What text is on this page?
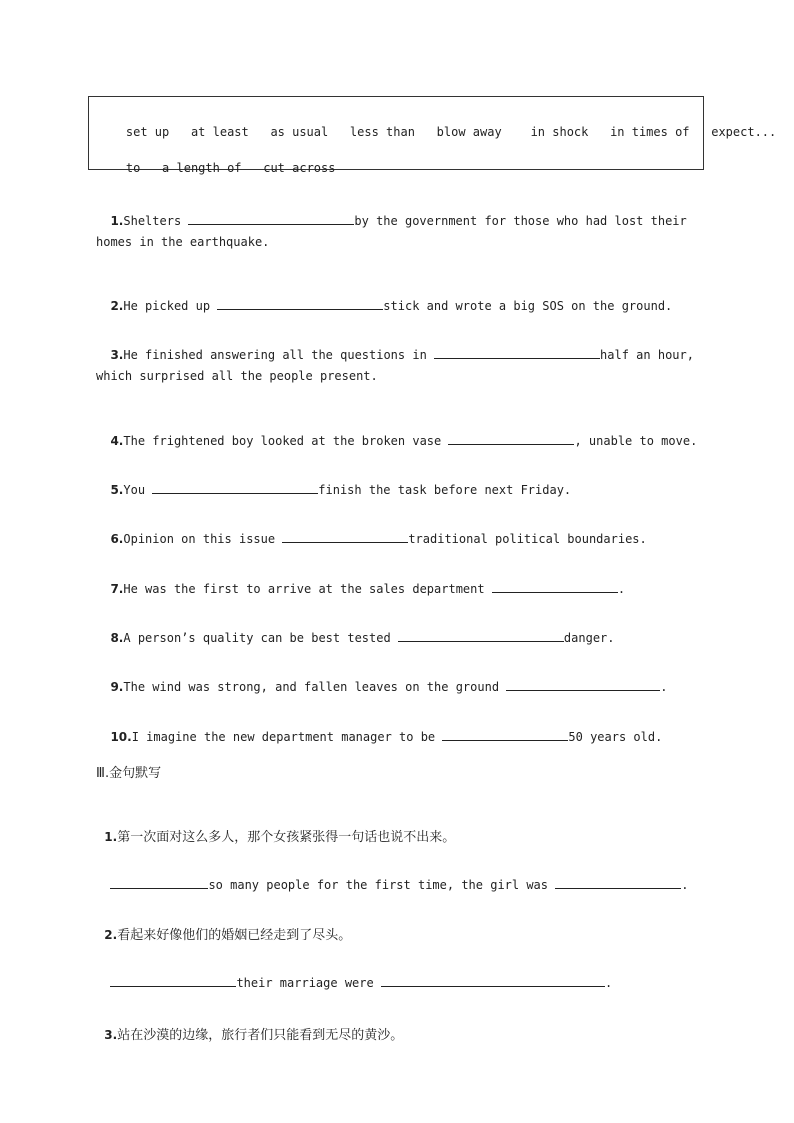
set up at least as usual less than blow away in shock in times of expect...

to a length of cut across

1.Shelters	by the government for those who had lost their

homes in the earthquake.

2.He picked up	stick and wrote a big SOS on the ground.

3.He finished answering all the questions in	half an hour,

which surprised all the people present.

4.The frightened boy looked at the broken vase	, unable to move.

5.You	finish the task before next Friday.

6.Opinion on this issue	traditional political boundaries.

7.He was the first to arrive at the sales department	.

8.A person’s quality can be best tested	danger.

9.The wind was strong, and fallen leaves on the ground	.

10.I imagine the new department manager to be	50 years old.

Ⅲ.金句默写

1.第一次面对这么多人，那个女孩紧张得一句话也说不出来。

so many people for the first time, the girl was	.

2.看起来好像他们的婚姻已经走到了尽头。

their marriage were	.

3.站在沙漠的边缘，旅行者们只能看到无尽的黄沙。
